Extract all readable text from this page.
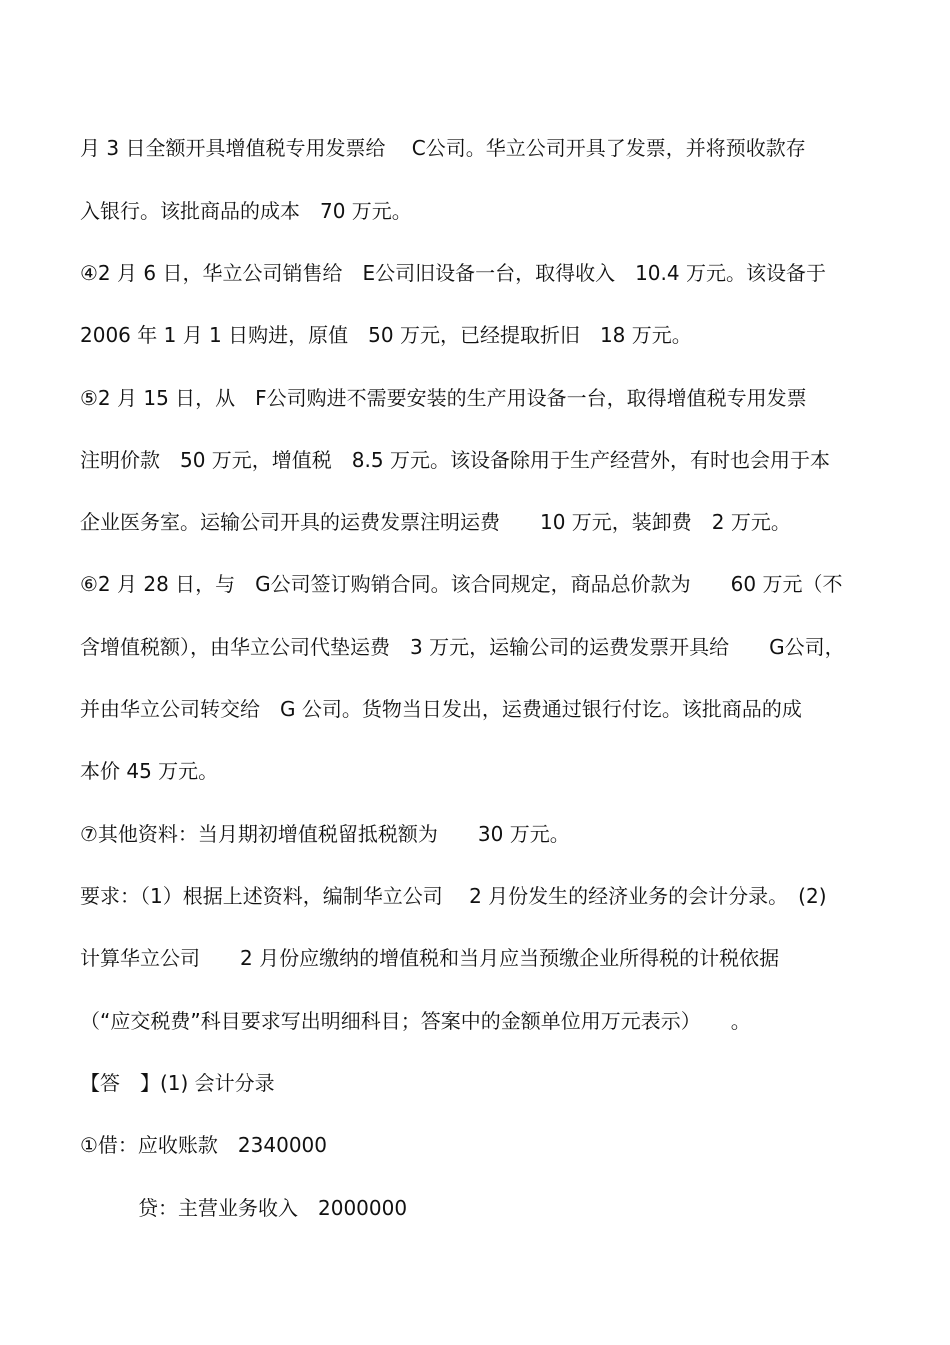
月 3 日全额开具增值税专用发票给　 C公司。华立公司开具了发票，并将预收款存
入银行。该批商品的成本　70 万元。
④2 月 6 日，华立公司销售给　E公司旧设备一台，取得收入　10.4 万元。该设备于
2006 年 1 月 1 日购进，原值　50 万元，已经提取折旧　18 万元。
⑤2 月 15 日，从　F公司购进不需要安装的生产用设备一台，取得增值税专用发票
注明价款　50 万元，增值税　8.5 万元。该设备除用于生产经营外，有时也会用于本
企业医务室。运输公司开具的运费发票注明运费　　10 万元，装卸费　2 万元。
⑥2 月 28 日，与　G公司签订购销合同。该合同规定，商品总价款为　　60 万元（不
含增值税额），由华立公司代垫运费　3 万元，运输公司的运费发票开具给　　G公司，
并由华立公司转交给　G 公司。货物当日发出，运费通过银行付讫。该批商品的成
本价 45 万元。
⑦其他资料：当月期初增值税留抵税额为　　30 万元。
要求：（1）根据上述资料，编制华立公司　 2 月份发生的经济业务的会计分录。　(2)
计算华立公司　　2 月份应缴纳的增值税和当月应当预缴企业所得税的计税依据
（“应交税费”科目要求写出明细科目；答案中的金额单位用万元表示）　　。
【答　】(1) 会计分录
①借：应收账款　2340000
贷：主营业务收入　2000000
